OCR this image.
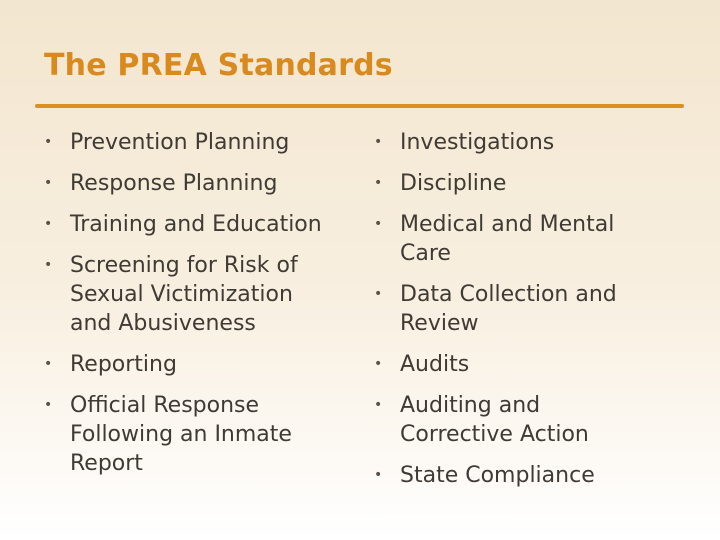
The PREA Standards
• Prevention Planning
• Response Planning
• Training and Education
• Screening for Risk of Sexual Victimization and Abusiveness
• Reporting
• Official Response Following an Inmate Report
• Investigations
• Discipline
• Medical and Mental Care
• Data Collection and Review
• Audits
• Auditing and Corrective Action
• State Compliance
